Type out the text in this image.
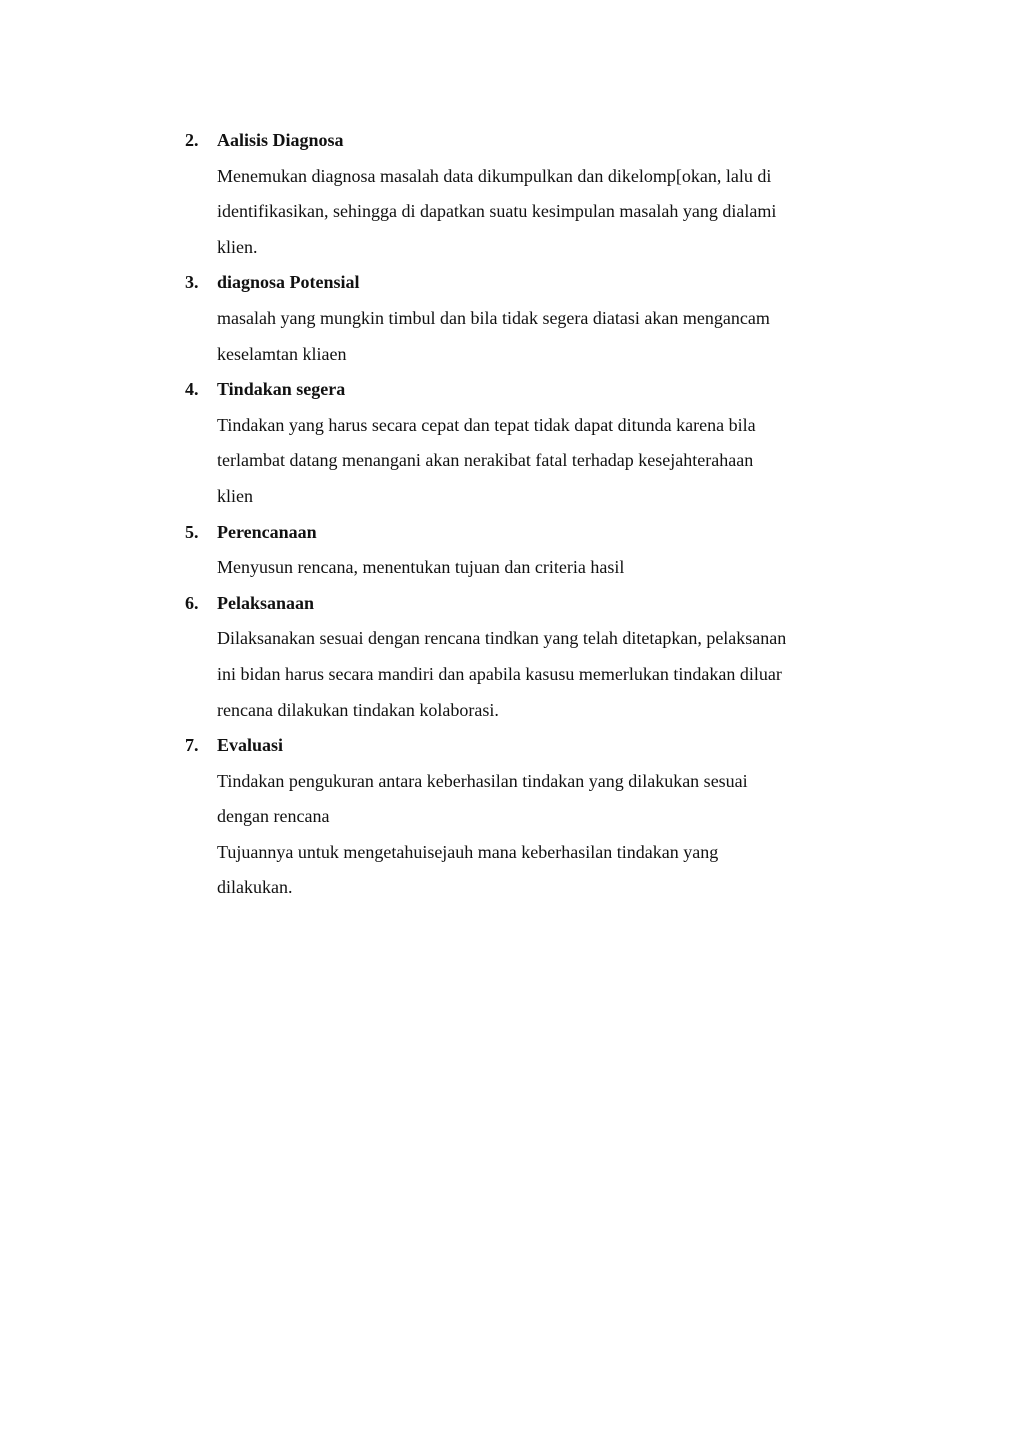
2. Aalisis Diagnosa
Menemukan diagnosa masalah data dikumpulkan dan dikelomp[okan, lalu di
identifikasikan, sehingga di dapatkan suatu kesimpulan masalah yang dialami
klien.
3. diagnosa Potensial
masalah yang mungkin timbul dan bila tidak segera diatasi akan mengancam
keselamtan kliaen
4. Tindakan segera
Tindakan yang harus secara cepat dan tepat tidak dapat ditunda karena bila
terlambat datang menangani akan nerakibat fatal terhadap kesejahterahaan
klien
5. Perencanaan
Menyusun rencana, menentukan tujuan dan criteria hasil
6. Pelaksanaan
Dilaksanakan sesuai dengan rencana tindkan yang telah ditetapkan, pelaksanan
ini bidan harus secara mandiri dan apabila kasusu memerlukan tindakan diluar
rencana dilakukan tindakan kolaborasi.
7. Evaluasi
Tindakan pengukuran antara keberhasilan tindakan yang dilakukan sesuai
dengan rencana
Tujuannya untuk mengetahuisejauh mana keberhasilan tindakan yang
dilakukan.
